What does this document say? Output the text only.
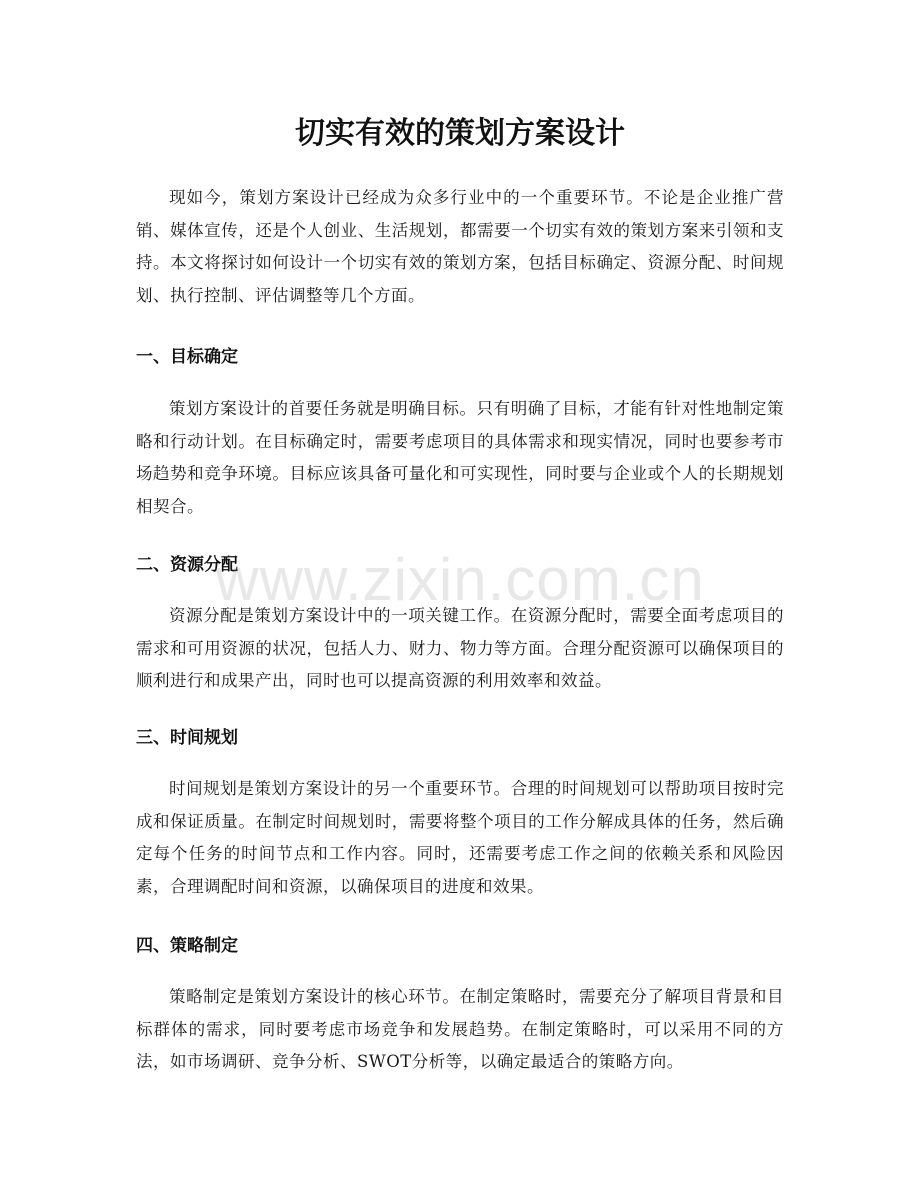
切实有效的策划方案设计

现如今，策划方案设计已经成为众多行业中的一个重要环节。不论是企业推广营销、媒体宣传，还是个人创业、生活规划，都需要一个切实有效的策划方案来引领和支持。本文将探讨如何设计一个切实有效的策划方案，包括目标确定、资源分配、时间规划、执行控制、评估调整等几个方面。

一、目标确定

策划方案设计的首要任务就是明确目标。只有明确了目标，才能有针对性地制定策略和行动计划。在目标确定时，需要考虑项目的具体需求和现实情况，同时也要参考市场趋势和竞争环境。目标应该具备可量化和可实现性，同时要与企业或个人的长期规划相契合。

二、资源分配

资源分配是策划方案设计中的一项关键工作。在资源分配时，需要全面考虑项目的需求和可用资源的状况，包括人力、财力、物力等方面。合理分配资源可以确保项目的顺利进行和成果产出，同时也可以提高资源的利用效率和效益。

三、时间规划

时间规划是策划方案设计的另一个重要环节。合理的时间规划可以帮助项目按时完成和保证质量。在制定时间规划时，需要将整个项目的工作分解成具体的任务，然后确定每个任务的时间节点和工作内容。同时，还需要考虑工作之间的依赖关系和风险因素，合理调配时间和资源，以确保项目的进度和效果。

四、策略制定

策略制定是策划方案设计的核心环节。在制定策略时，需要充分了解项目背景和目标群体的需求，同时要考虑市场竞争和发展趋势。在制定策略时，可以采用不同的方法，如市场调研、竞争分析、SWOT分析等，以确定最适合的策略方向。

www.zixin.com.cn
